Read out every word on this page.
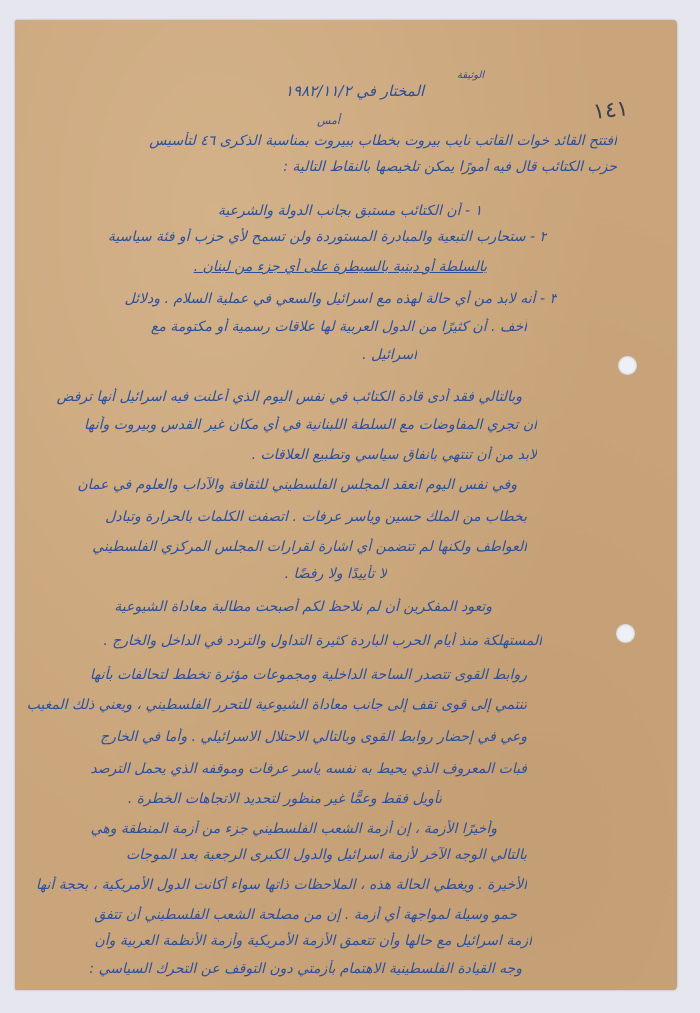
١٤١
الوثيقة
المختار في ١٩٨٢/١١/٢
أمس
افتتح القائد خوات القاتب نايب بيروت بخطاب ببيروت بمناسبة الذكرى ٤٦ لتأسيس
حزب الكتائب قال فيه أمورًا يمكن تلخيصها بالنقاط التالية :
١ - أن الكتائب مستبق بجانب الدولة والشرعية
٢ - ستحارب التبعية والمبادرة المستوردة ولن تسمح لأي حزب أو فئة سياسية
بالسلطة أو دينية بالسيطرة على أي جزء من لبنان .
٣ - أنه لابد من أي حالة لهذه مع اسرائيل والسعي في عملية السلام . ودلائل
أخف . أن كثيرًا من الدول العربية لها علاقات رسمية أو مكتومة مع
اسرائيل .
وبالتالي فقد أدى قادة الكتائب في نفس اليوم الذي أعلنت فيه اسرائيل أنها ترفض
أن تجري المفاوضات مع السلطة اللبنانية في أي مكان غير القدس وبيروت وأنها
لابد من أن تنتهي بانفاق سياسي وتطبيع العلاقات .
وفي نفس اليوم انعقد المجلس الفلسطيني للثقافة والآداب والعلوم في عمان
بخطاب من الملك حسين وياسر عرفات . اتصفت الكلمات بالحرارة وتبادل
العواطف ولكنها لم تتضمن أي اشارة لقرارات المجلس المركزي الفلسطيني
لا تأييدًا ولا رفضًا .
وتعود المفكرين أن لم نلاحظ لكم أصبحت مطالبة معاداة الشيوعية
المستهلكة منذ أيام الحرب الباردة كثيرة التداول والتردد في الداخل والخارج .
روابط القوى تتصدر الساحة الداخلية ومجموعات مؤثرة تخطط لتحالفات بأنها
تنتمي إلى قوى تقف إلى جانب معاداة الشيوعية للتحرر الفلسطيني ، ويعني ذلك المغيب
وعي في إحضار روابط القوى وبالتالي الاحتلال الاسرائيلي . وأما في الخارج
فبات المعروف الذي يحيط به نفسه ياسر عرفات وموقفه الذي يحمل الترصد
تأويل فقط وعمًّا غير منظور لتحديد الاتجاهات الخطرة .
وأخيرًا الأزمة ، إن أزمة الشعب الفلسطيني جزء من أزمة المنطقة وهي
بالتالي الوجه الآخر لأزمة اسرائيل والدول الكبرى الرجعية بعد الموجات
الأخيرة . ويغطي الحالة هذه ، الملاحظات ذاتها سواء أكانت الدول الأمريكية ، بحجة أنها
حمو وسيلة لمواجهة أي أزمة . إن من مصلحة الشعب الفلسطيني أن تتفق
أزمة اسرائيل مع حالها وأن تتعمق الأزمة الأمريكية وأزمة الأنظمة العربية وأن
وجه القيادة الفلسطينية الاهتمام بأزمتي دون التوقف عن التحرك السياسي :
